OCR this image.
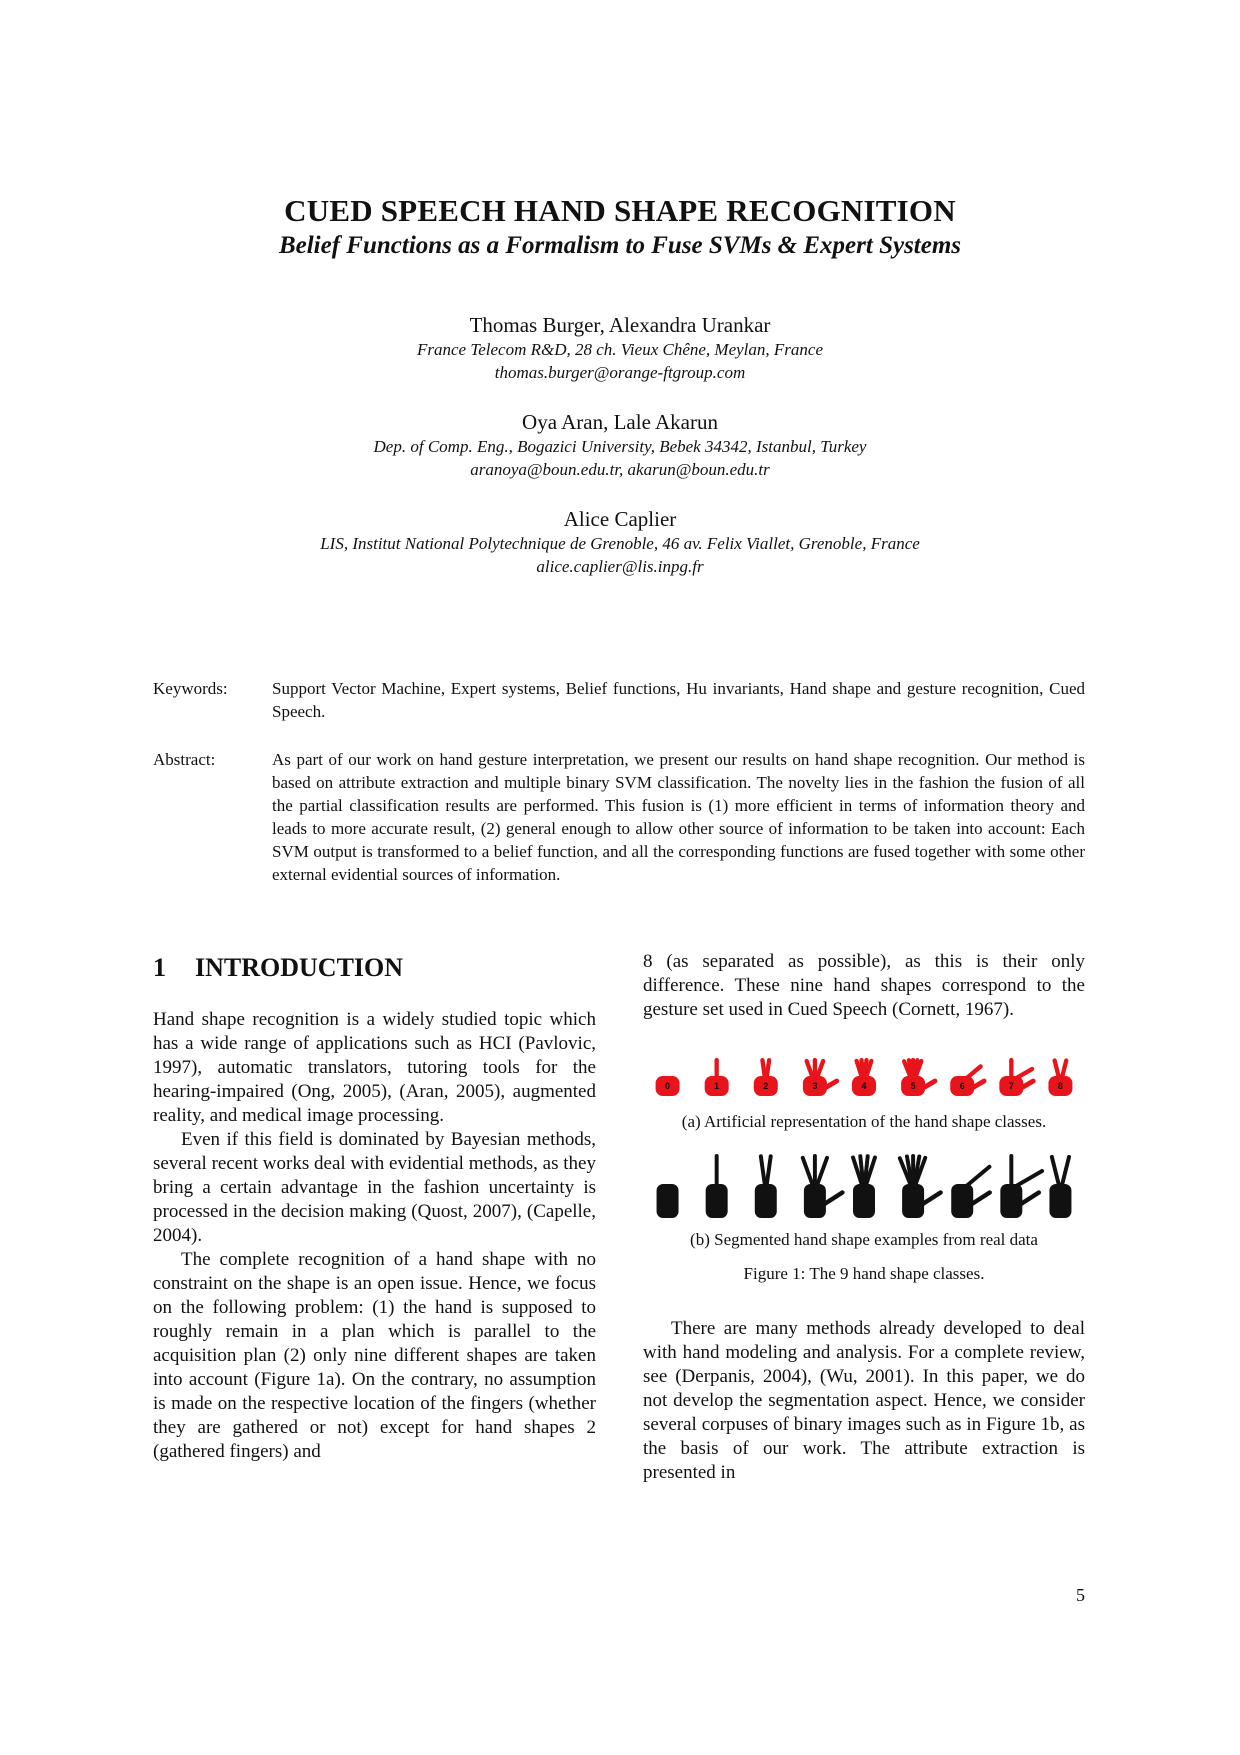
CUED SPEECH HAND SHAPE RECOGNITION
Belief Functions as a Formalism to Fuse SVMs & Expert Systems
Thomas Burger, Alexandra Urankar
France Telecom R&D, 28 ch. Vieux Chêne, Meylan, France
thomas.burger@orange-ftgroup.com
Oya Aran, Lale Akarun
Dep. of Comp. Eng., Bogazici University, Bebek 34342, Istanbul, Turkey
aranoya@boun.edu.tr, akarun@boun.edu.tr
Alice Caplier
LIS, Institut National Polytechnique de Grenoble, 46 av. Felix Viallet, Grenoble, France
alice.caplier@lis.inpg.fr
Keywords:	Support Vector Machine, Expert systems, Belief functions, Hu invariants, Hand shape and gesture recognition, Cued Speech.
Abstract:	As part of our work on hand gesture interpretation, we present our results on hand shape recognition. Our method is based on attribute extraction and multiple binary SVM classification. The novelty lies in the fashion the fusion of all the partial classification results are performed. This fusion is (1) more efficient in terms of information theory and leads to more accurate result, (2) general enough to allow other source of information to be taken into account: Each SVM output is transformed to a belief function, and all the corresponding functions are fused together with some other external evidential sources of information.
1 INTRODUCTION

Hand shape recognition is a widely studied topic which has a wide range of applications such as HCI (Pavlovic, 1997), automatic translators, tutoring tools for the hearing-impaired (Ong, 2005), (Aran, 2005), augmented reality, and medical image processing.

Even if this field is dominated by Bayesian methods, several recent works deal with evidential methods, as they bring a certain advantage in the fashion uncertainty is processed in the decision making (Quost, 2007), (Capelle, 2004).

The complete recognition of a hand shape with no constraint on the shape is an open issue. Hence, we focus on the following problem: (1) the hand is supposed to roughly remain in a plan which is parallel to the acquisition plan (2) only nine different shapes are taken into account (Figure 1a). On the contrary, no assumption is made on the respective location of the fingers (whether they are gathered or not) except for hand shapes 2 (gathered fingers) and

8 (as separated as possible), as this is their only difference. These nine hand shapes correspond to the gesture set used in Cued Speech (Cornett, 1967).

0	1	2	3	4	5	6	7	8
(a) Artificial representation of the hand shape classes.
(b) Segmented hand shape examples from real data
Figure 1: The 9 hand shape classes.

There are many methods already developed to deal with hand modeling and analysis. For a complete review, see (Derpanis, 2004), (Wu, 2001). In this paper, we do not develop the segmentation aspect. Hence, we consider several corpuses of binary images such as in Figure 1b, as the basis of our work. The attribute extraction is presented in

5
